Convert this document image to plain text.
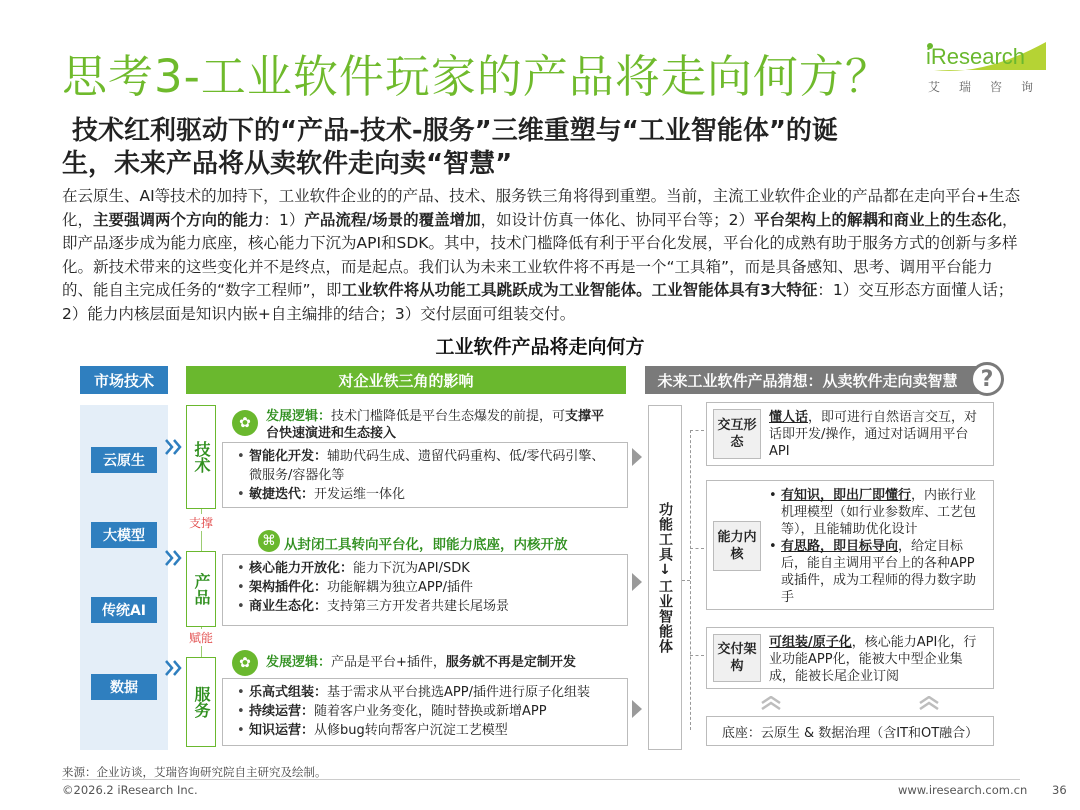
思考3-工业软件玩家的产品将走向何方？ iResearch
艾瑞咨询
技术红利驱动下的“产品-技术-服务”三维重塑与“工业智能体”的诞
生，未来产品将从卖软件走向卖“智慧”
在云原生、AI等技术的加持下，工业软件企业的的产品、技术、服务铁三角将得到重塑。当前，主流工业软件企业的产品都在走向平台+生态化，主要强调两个方向的能力：1）产品流程/场景的覆盖增加，如设计仿真一体化、协同平台等；2）平台架构上的解耦和商业上的生态化，即产品逐步成为能力底座，核心能力下沉为API和SDK。其中，技术门槛降低有利于平台化发展，平台化的成熟有助于服务方式的创新与多样化。新技术带来的这些变化并不是终点，而是起点。我们认为未来工业软件将不再是一个“工具箱”，而是具备感知、思考、调用平台能力的、能自主完成任务的“数字工程师”，即工业软件将从功能工具跳跃成为工业智能体。工业智能体具有3大特征：1）交互形态方面懂人话；2）能力内核层面是知识内嵌+自主编排的结合；3）交付层面可组装交付。
工业软件产品将走向何方
市场技术	对企业铁三角的影响	未来工业软件产品猜想：从卖软件走向卖智慧	?
云原生
大模型
传统AI
数据
技术
支撑
产品
赋能
服务
✿	发展逻辑：技术门槛降低是平台生态爆发的前提，可支撑平台快速演进和生态接入
• 智能化开发：辅助代码生成、遗留代码重构、低/零代码引擎、微服务/容器化等
• 敏捷迭代：开发运维一体化
⌘ 从封闭工具转向平台化，即能力底座，内核开放
• 核心能力开放化：能力下沉为API/SDK
• 架构插件化：功能解耦为独立APP/插件
• 商业生态化：支持第三方开发者共建长尾场景
✿	发展逻辑：产品是平台+插件，服务就不再是定制开发
• 乐高式组装：基于需求从平台挑选APP/插件进行原子化组装
• 持续运营：随着客户业务变化，随时替换或新增APP
• 知识运营：从修bug转向帮客户沉淀工艺模型
功能工具↓工业智能体
交互形态
懂人话，即可进行自然语言交互，对话即开发/操作，通过对话调用平台API
能力内核
• 有知识，即出厂即懂行，内嵌行业机理模型（如行业参数库、工艺包等），且能辅助优化设计
• 有思路，即目标导向，给定目标后，能自主调用平台上的各种APP或插件，成为工程师的得力数字助手
交付架构
可组装/原子化，核心能力API化，行业功能APP化，能被大中型企业集成，能被长尾企业订阅
底座：云原生 & 数据治理（含IT和OT融合）
来源：企业访谈，艾瑞咨询研究院自主研究及绘制。
©2026.2 iResearch Inc.	www.iresearch.com.cn 36
